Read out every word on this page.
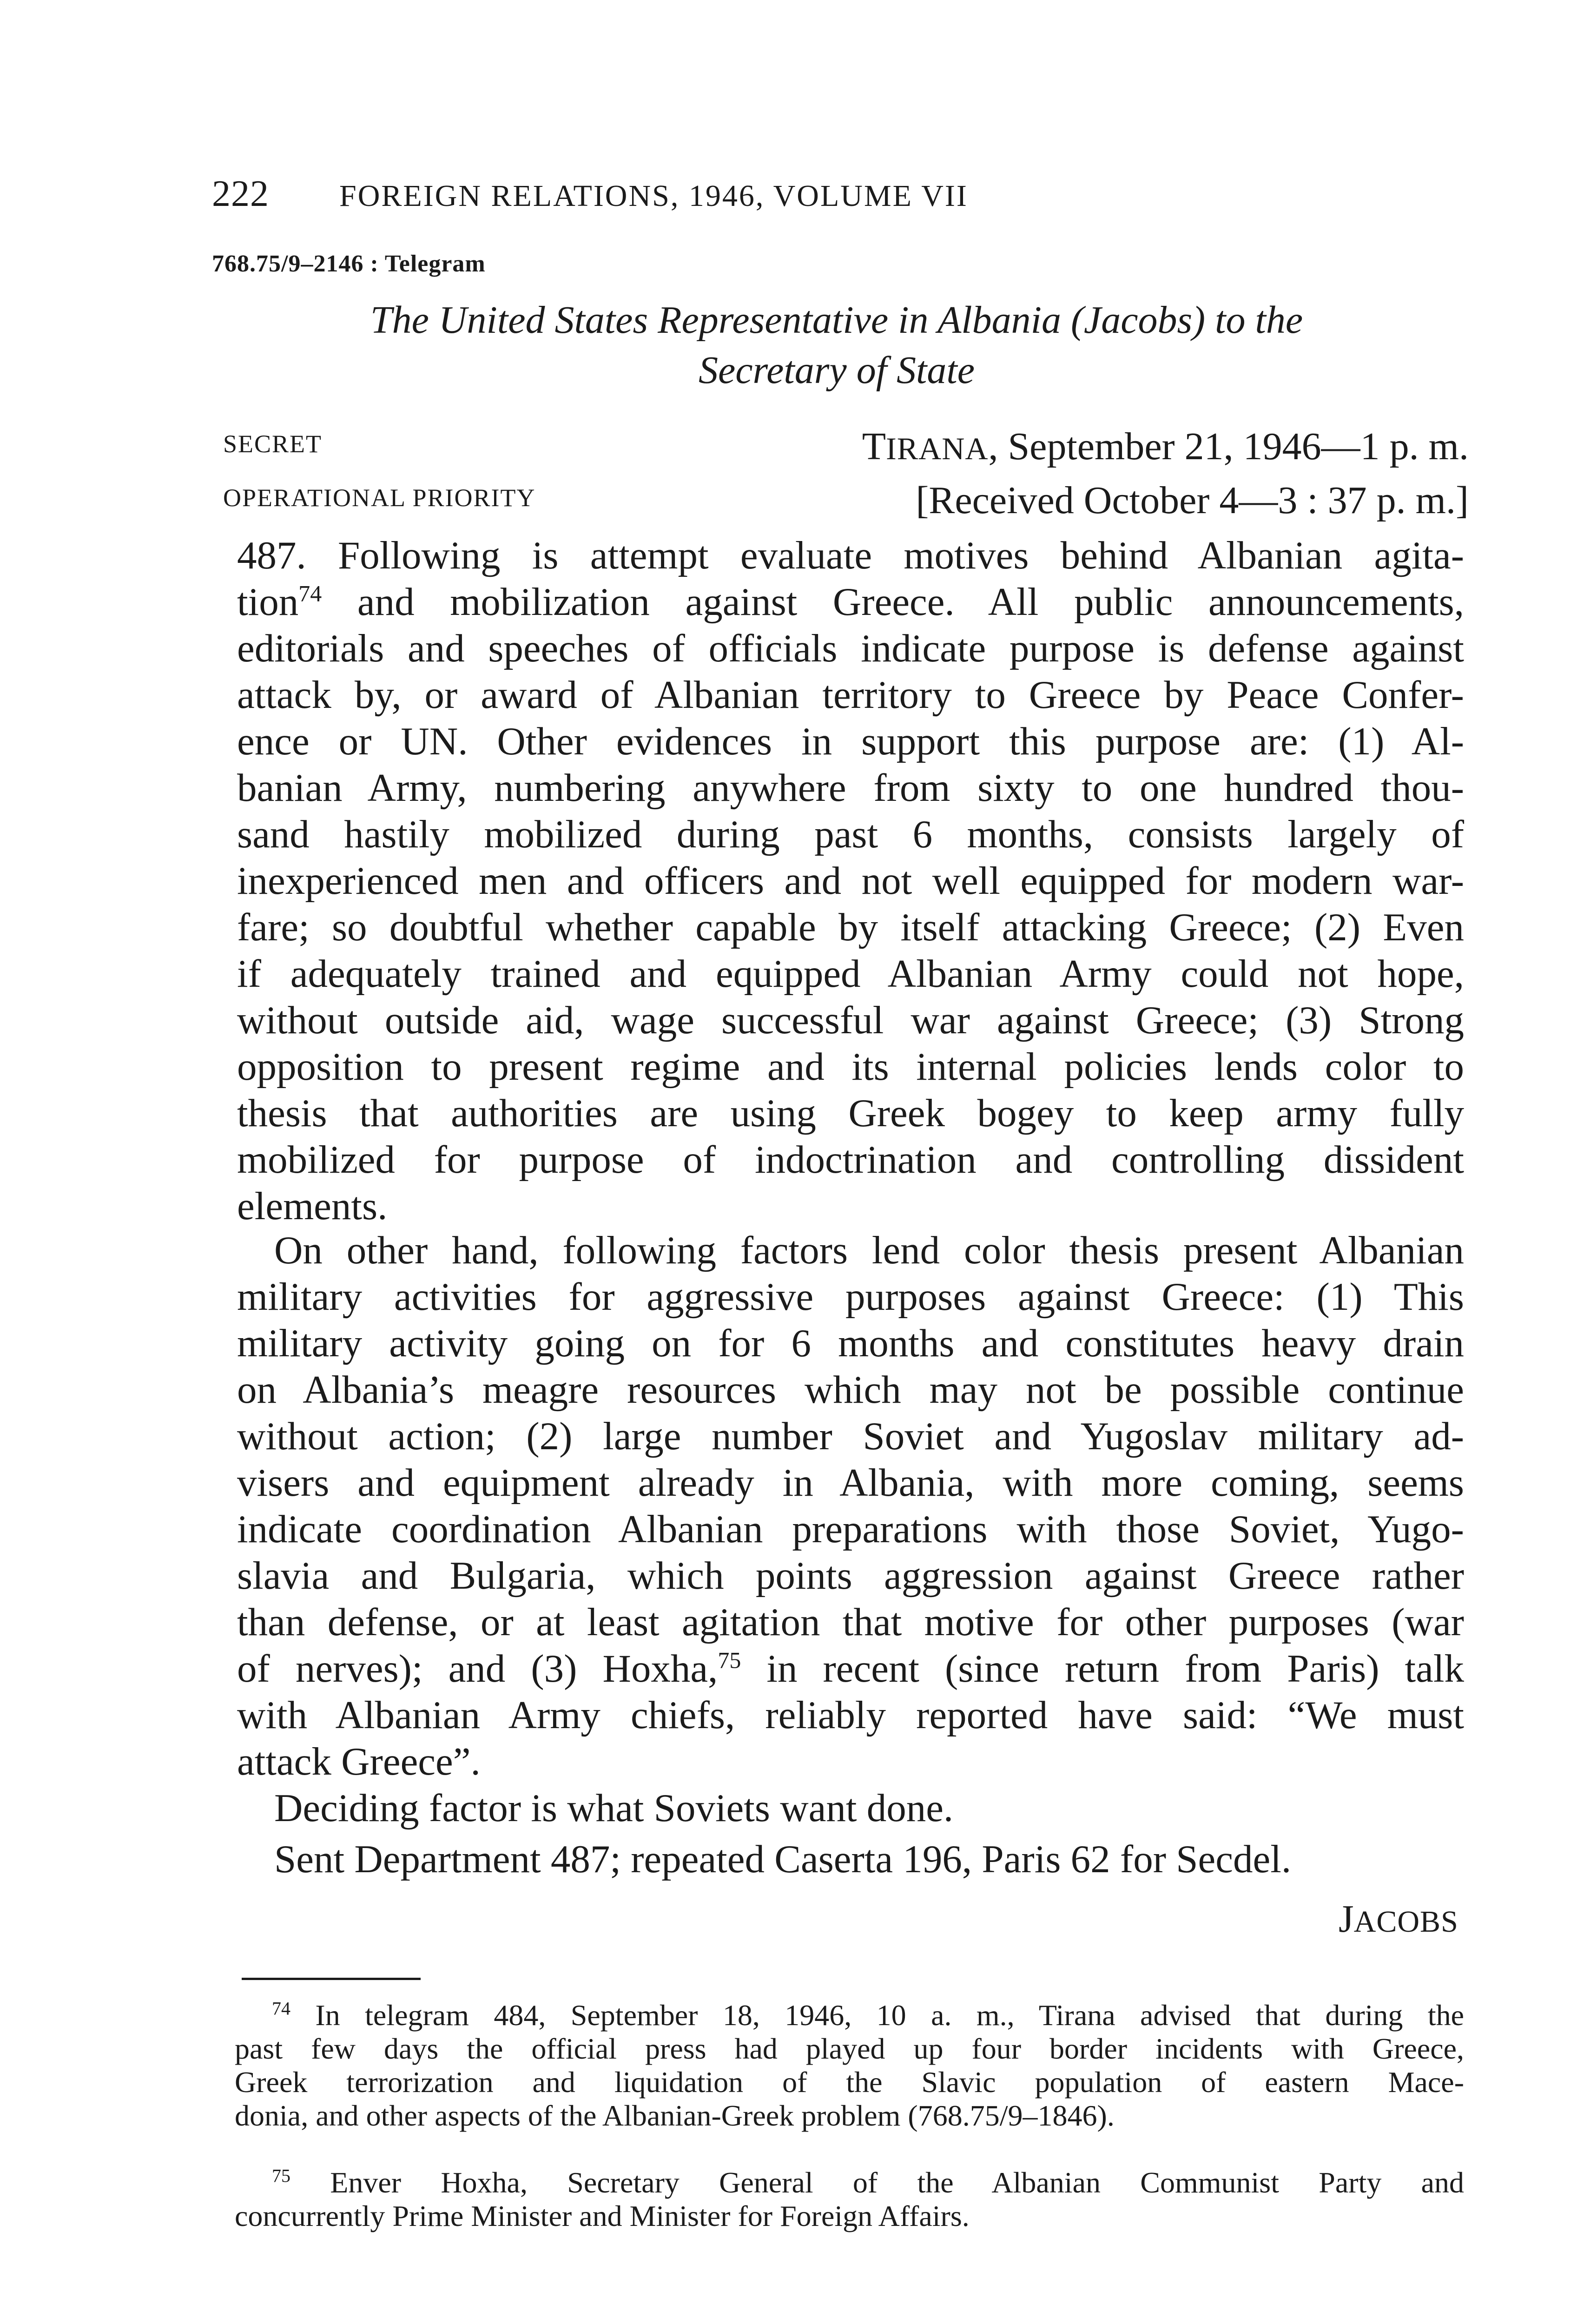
222 FOREIGN RELATIONS, 1946, VOLUME VII
768.75/9–2146 : Telegram
The United States Representative in Albania (Jacobs) to the
Secretary of State
SECRET
OPERATIONAL PRIORITY
TIRANA, September 21, 1946—1 p. m.
[Received October 4—3 : 37 p. m.]
487. Following is attempt evaluate motives behind Albanian agita-
tion$^{74}$ and mobilization against Greece. All public announcements,
editorials and speeches of officials indicate purpose is defense against
attack by, or award of Albanian territory to Greece by Peace Confer-
ence or UN. Other evidences in support this purpose are: (1) Al-
banian Army, numbering anywhere from sixty to one hundred thou-
sand hastily mobilized during past 6 months, consists largely of
inexperienced men and officers and not well equipped for modern war-
fare; so doubtful whether capable by itself attacking Greece; (2) Even
if adequately trained and equipped Albanian Army could not hope,
without outside aid, wage successful war against Greece; (3) Strong
opposition to present regime and its internal policies lends color to
thesis that authorities are using Greek bogey to keep army fully
mobilized for purpose of indoctrination and controlling dissident
elements.
On other hand, following factors lend color thesis present Albanian
military activities for aggressive purposes against Greece: (1) This
military activity going on for 6 months and constitutes heavy drain
on Albania’s meagre resources which may not be possible continue
without action; (2) large number Soviet and Yugoslav military ad-
visers and equipment already in Albania, with more coming, seems
indicate coordination Albanian preparations with those Soviet, Yugo-
slavia and Bulgaria, which points aggression against Greece rather
than defense, or at least agitation that motive for other purposes (war
of nerves); and (3) Hoxha,$^{75}$ in recent (since return from Paris) talk
with Albanian Army chiefs, reliably reported have said: “We must
attack Greece”.
Deciding factor is what Soviets want done.
Sent Department 487; repeated Caserta 196, Paris 62 for Secdel.
JACOBS
$^{74}$ In telegram 484, September 18, 1946, 10 a. m., Tirana advised that during the
past few days the official press had played up four border incidents with Greece,
Greek terrorization and liquidation of the Slavic population of eastern Mace-
donia, and other aspects of the Albanian-Greek problem (768.75/9–1846).
$^{75}$ Enver Hoxha, Secretary General of the Albanian Communist Party and
concurrently Prime Minister and Minister for Foreign Affairs.
